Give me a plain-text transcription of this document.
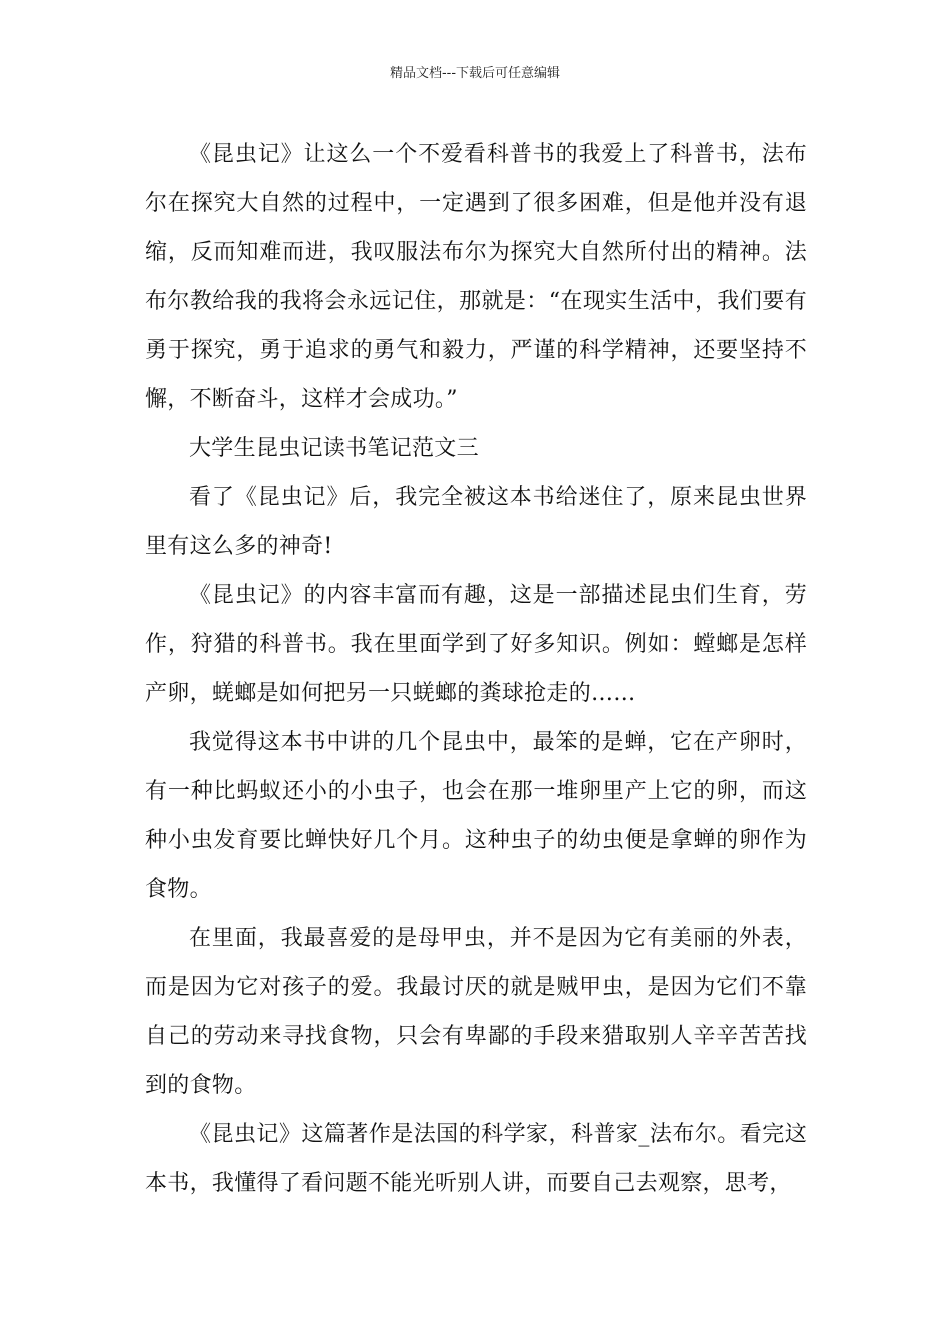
精品文档---下载后可任意编辑

《昆虫记》让这么一个不爱看科普书的我爱上了科普书，法布尔在探究大自然的过程中，一定遇到了很多困难，但是他并没有退缩，反而知难而进，我叹服法布尔为探究大自然所付出的精神。法布尔教给我的我将会永远记住，那就是：“在现实生活中，我们要有勇于探究，勇于追求的勇气和毅力，严谨的科学精神，还要坚持不懈，不断奋斗，这样才会成功。”

大学生昆虫记读书笔记范文三

看了《昆虫记》后，我完全被这本书给迷住了，原来昆虫世界里有这么多的神奇!

《昆虫记》的内容丰富而有趣，这是一部描述昆虫们生育，劳作，狩猎的科普书。我在里面学到了好多知识。例如：螳螂是怎样产卵，蜣螂是如何把另一只蜣螂的粪球抢走的……

我觉得这本书中讲的几个昆虫中，最笨的是蝉，它在产卵时，有一种比蚂蚁还小的小虫子，也会在那一堆卵里产上它的卵，而这种小虫发育要比蝉快好几个月。这种虫子的幼虫便是拿蝉的卵作为食物。

在里面，我最喜爱的是母甲虫，并不是因为它有美丽的外表，而是因为它对孩子的爱。我最讨厌的就是贼甲虫，是因为它们不靠自己的劳动来寻找食物，只会有卑鄙的手段来猎取别人辛辛苦苦找到的食物。

《昆虫记》这篇著作是法国的科学家，科普家_法布尔。看完这本书，我懂得了看问题不能光听别人讲，而要自己去观察，思考，
